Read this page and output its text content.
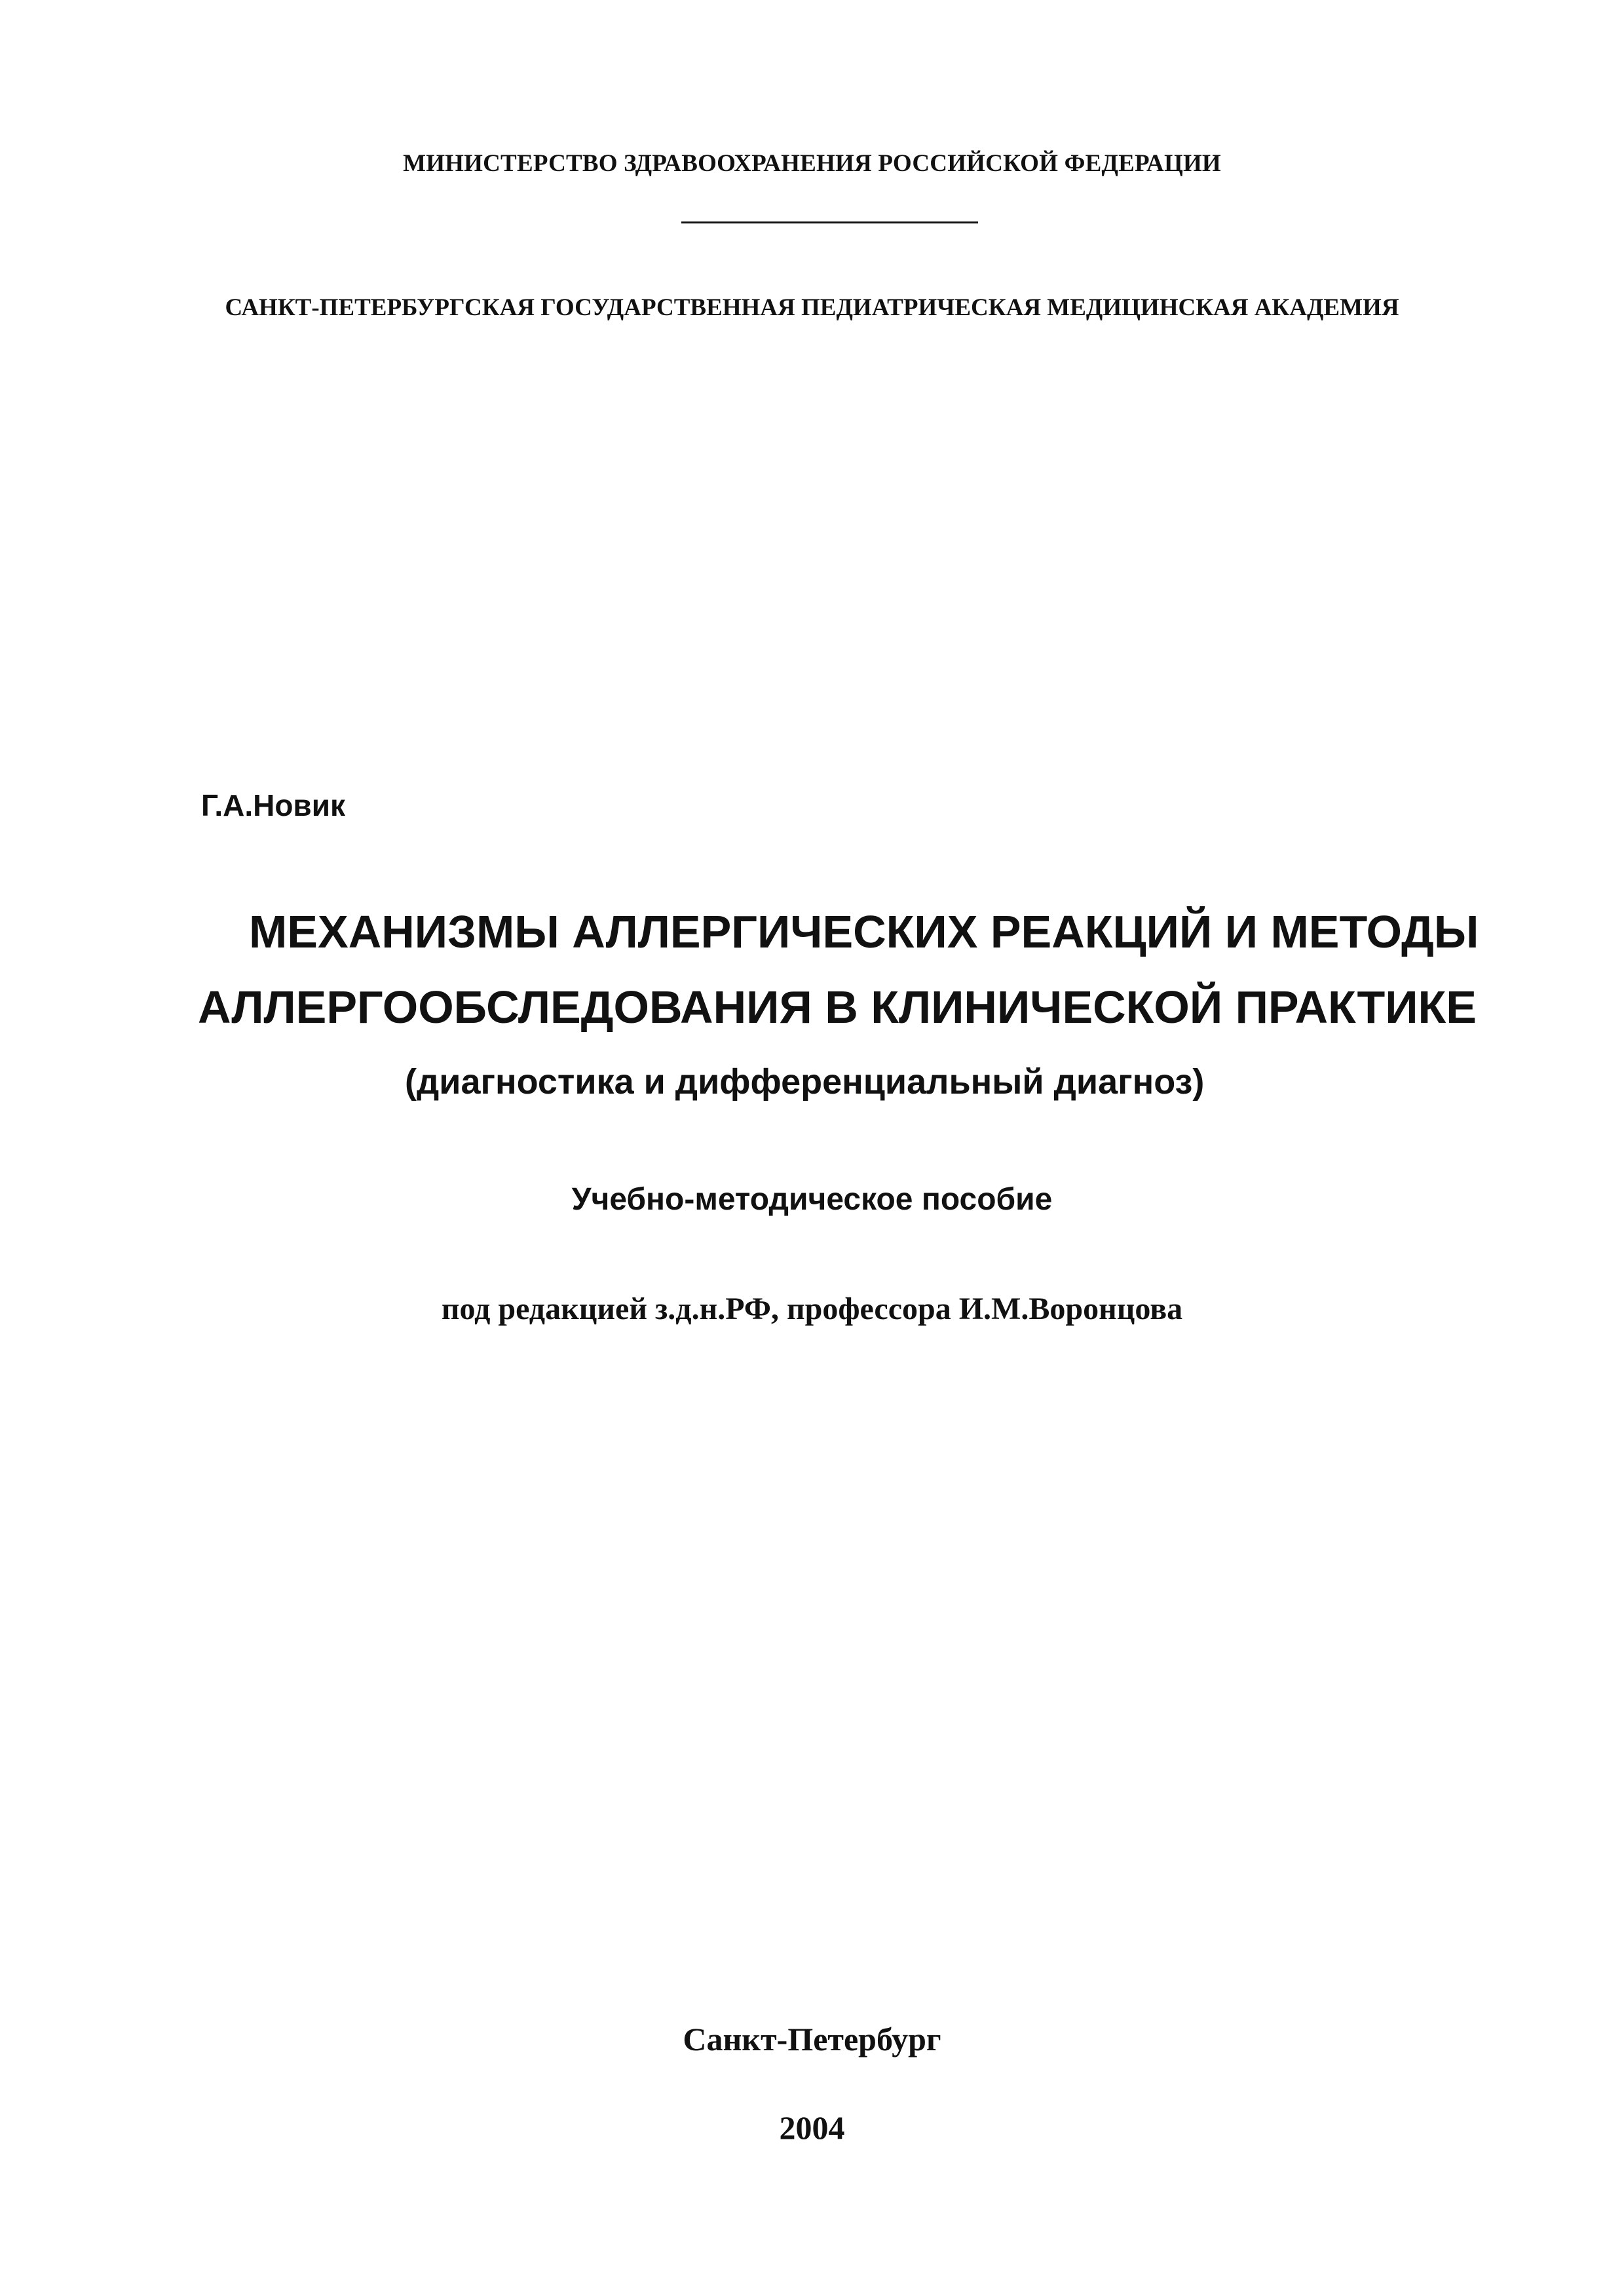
МИНИСТЕРСТВО ЗДРАВООХРАНЕНИЯ РОССИЙСКОЙ ФЕДЕРАЦИИ
САНКТ-ПЕТЕРБУРГСКАЯ ГОСУДАРСТВЕННАЯ ПЕДИАТРИЧЕСКАЯ МЕДИЦИНСКАЯ АКАДЕМИЯ
Г.А.Новик
МЕХАНИЗМЫ АЛЛЕРГИЧЕСКИХ РЕАКЦИЙ И МЕТОДЫ
АЛЛЕРГООБСЛЕДОВАНИЯ В КЛИНИЧЕСКОЙ ПРАКТИКЕ
(диагностика и дифференциальный диагноз)
Учебно-методическое пособие
под редакцией з.д.н.РФ, профессора И.М.Воронцова
Санкт-Петербург
2004
